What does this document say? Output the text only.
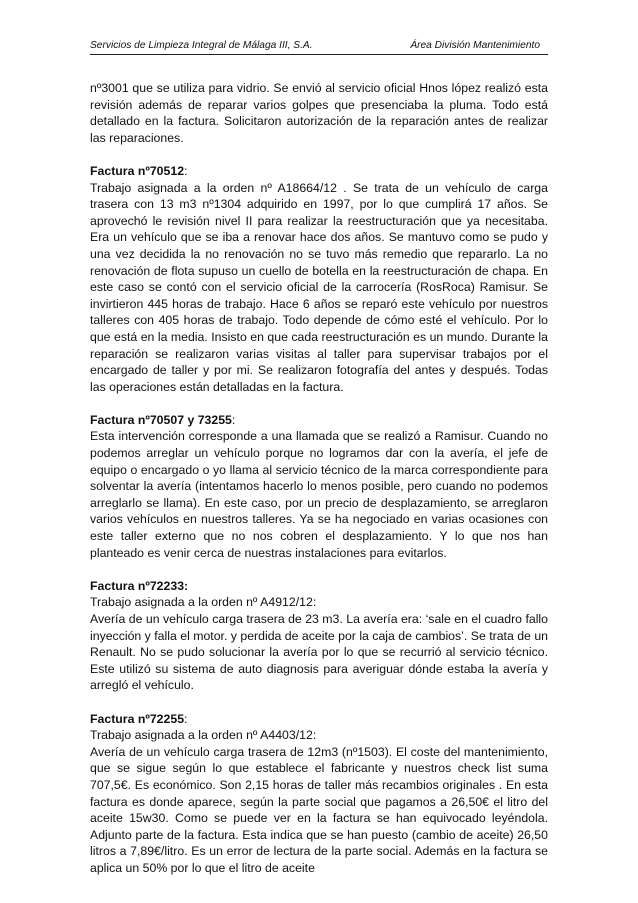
Servicios de Limpieza Integral de Málaga III, S.A.	Área División Mantenimiento

nº3001 que se utiliza para vidrio. Se envió al servicio oficial Hnos lópez realizó esta revisión además de reparar varios golpes que presenciaba la pluma. Todo está detallado en la factura. Solicitaron autorización de la reparación antes de realizar las reparaciones.

Factura nº70512:

Trabajo asignada a la orden nº A18664/12 . Se trata de un vehículo de carga trasera con 13 m3 nº1304 adquirido en 1997, por lo que cumplirá 17 años. Se aprovechó le revisión nivel II para realizar la reestructuración que ya necesitaba. Era un vehículo que se iba a renovar hace dos años. Se mantuvo como se pudo y una vez decidida la no renovación no se tuvo más remedio que repararlo. La no renovación de flota supuso un cuello de botella en la reestructuración de chapa. En este caso se contó con el servicio oficial de la carrocería (RosRoca) Ramisur. Se invirtieron 445 horas de trabajo. Hace 6 años se reparó este vehículo por nuestros talleres con 405 horas de trabajo. Todo depende de cómo esté el vehículo. Por lo que está en la media. Insisto en que cada reestructuración es un mundo. Durante la reparación se realizaron varias visitas al taller para supervisar trabajos por el encargado de taller y por mi. Se realizaron fotografía del antes y después. Todas las operaciones están detalladas en la factura.

Factura nº70507 y 73255:

Esta intervención corresponde a una llamada que se realizó a Ramisur. Cuando no podemos arreglar un vehículo porque no logramos dar con la avería, el jefe de equipo o encargado o yo llama al servicio técnico de la marca correspondiente para solventar la avería (intentamos hacerlo lo menos posible, pero cuando no podemos arreglarlo se llama). En este caso, por un precio de desplazamiento, se arreglaron varios vehículos en nuestros talleres. Ya se ha negociado en varias ocasiones con este taller externo que no nos cobren el desplazamiento. Y lo que nos han planteado es venir cerca de nuestras instalaciones para evitarlos.

Factura nº72233:

Trabajo asignada a la orden nº A4912/12:
Avería de un vehículo carga trasera de 23 m3. La avería era: ‘sale en el cuadro fallo inyección y falla el motor. y perdida de aceite por la caja de cambios’. Se trata de un Renault. No se pudo solucionar la avería por lo que se recurrió al servicio técnico. Este utilizó su sistema de auto diagnosis para averiguar dónde estaba la avería y arregló el vehículo.

Factura nº72255:

Trabajo asignada a la orden nº A4403/12:
Avería de un vehículo carga trasera de 12m3 (nº1503). El coste del mantenimiento, que se sigue según lo que establece el fabricante y nuestros check list suma 707,5€. Es económico. Son 2,15 horas de taller más recambios originales . En esta factura es donde aparece, según la parte social que pagamos a 26,50€ el litro del aceite 15w30. Como se puede ver en la factura se han equivocado leyéndola. Adjunto parte de la factura. Esta indica que se han puesto (cambio de aceite) 26,50 litros a 7,89€/litro. Es un error de lectura de la parte social. Además en la factura se aplica un 50% por lo que el litro de aceite
